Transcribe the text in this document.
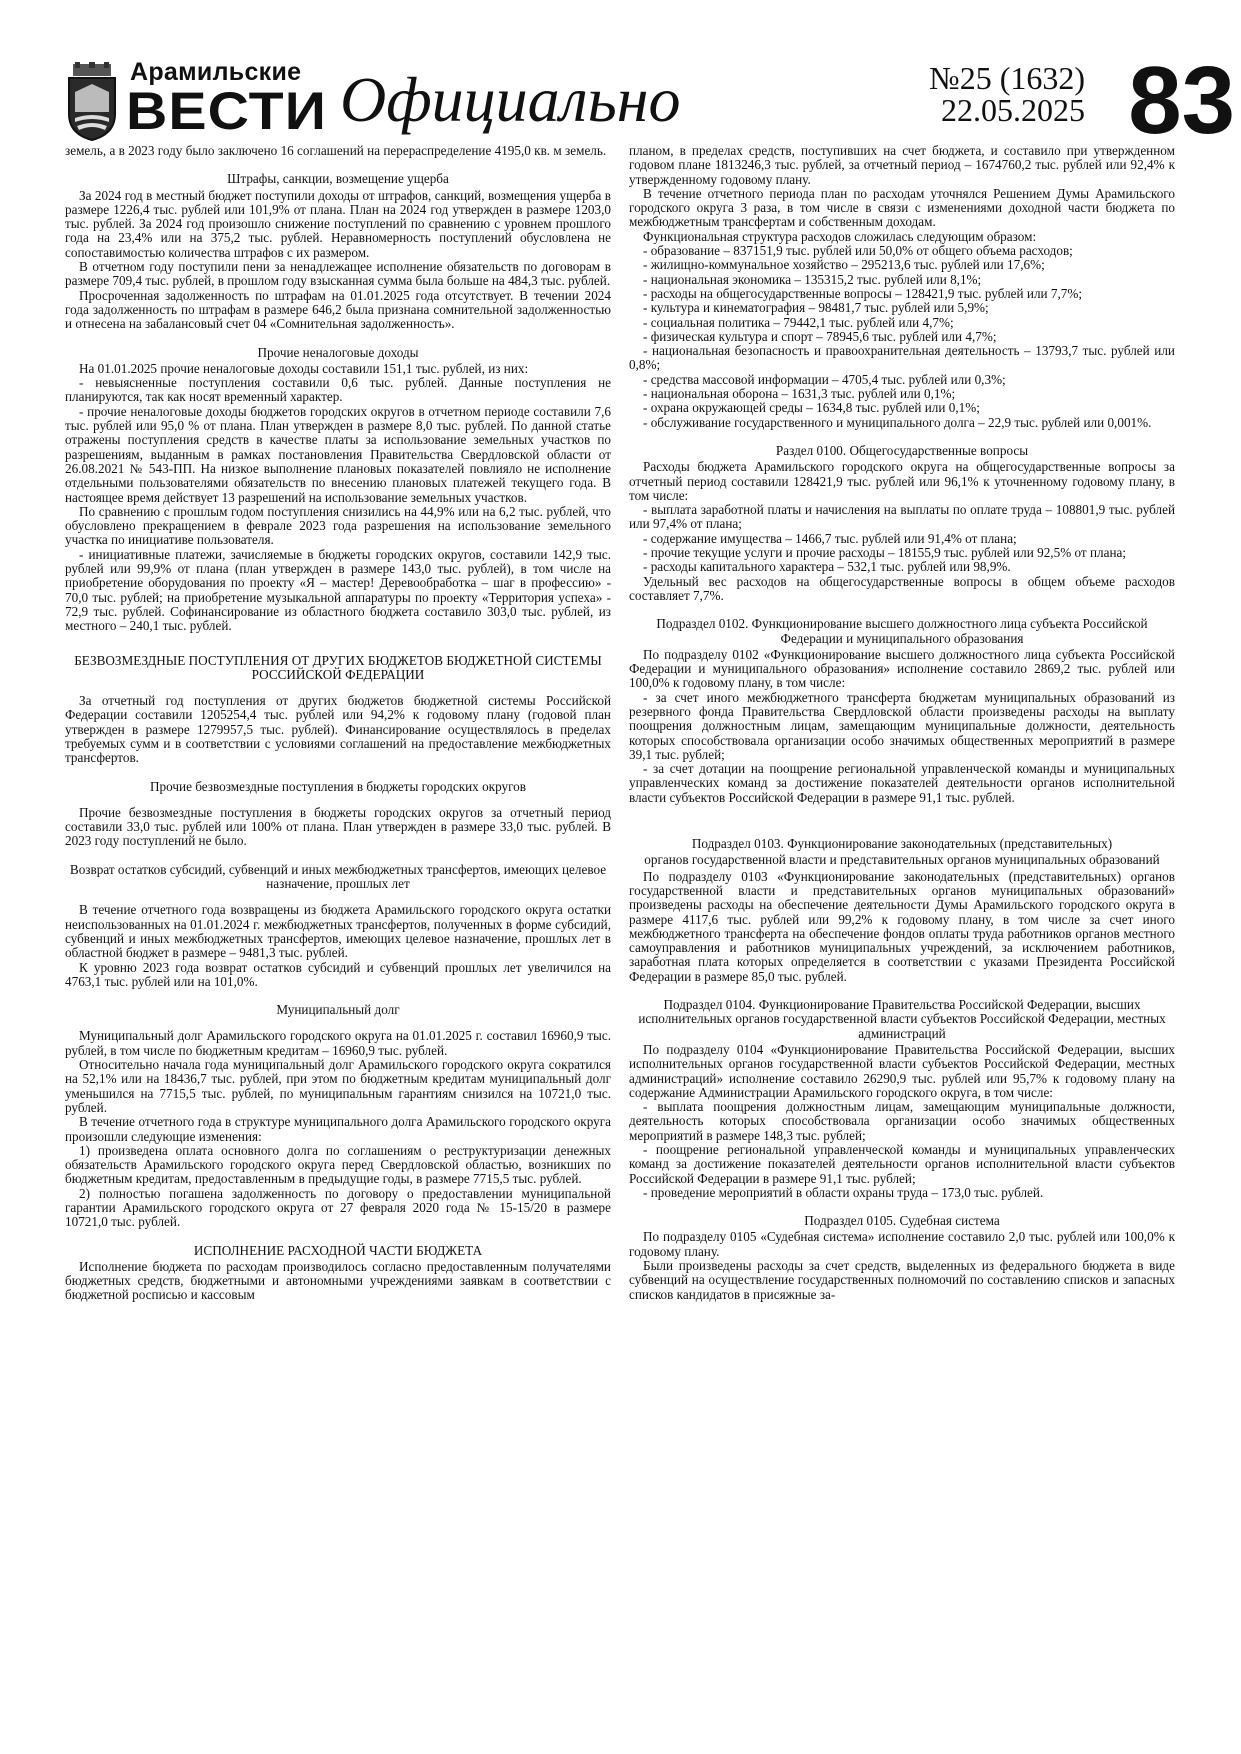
Арамильские
ВЕСТИ Официально	№25 (1632)
22.05.2025 83

земель, а в 2023 году было заключено 16 соглашений на перераспределение 4195,0 кв. м земель.

Штрафы, санкции, возмещение ущерба

За 2024 год в местный бюджет поступили доходы от штрафов, санкций, возмещения ущерба в размере 1226,4 тыс. рублей или 101,9% от плана. План на 2024 год утвержден в размере 1203,0 тыс. рублей. За 2024 год произошло снижение поступлений по сравнению с уровнем прошлого года на 23,4% или на 375,2 тыс. рублей. Неравномерность поступлений обусловлена не сопоставимостью количества штрафов с их размером.

В отчетном году поступили пени за ненадлежащее исполнение обязательств по договорам в размере 709,4 тыс. рублей, в прошлом году взысканная сумма была больше на 484,3 тыс. рублей.

Просроченная задолженность по штрафам на 01.01.2025 года отсутствует. В течении 2024 года задолженность по штрафам в размере 646,2 была признана сомнительной задолженностью и отнесена на забалансовый счет 04 «Сомнительная задолженность».

Прочие неналоговые доходы

На 01.01.2025 прочие неналоговые доходы составили 151,1 тыс. рублей, из них:

- невыясненные поступления составили 0,6 тыс. рублей. Данные поступления не планируются, так как носят временный характер.

- прочие неналоговые доходы бюджетов городских округов в отчетном периоде составили 7,6 тыс. рублей или 95,0 % от плана. План утвержден в размере 8,0 тыс. рублей. По данной статье отражены поступления средств в качестве платы за использование земельных участков по разрешениям, выданным в рамках постановления Правительства Свердловской области от 26.08.2021 № 543-ПП. На низкое выполнение плановых показателей повлияло не исполнение отдельными пользователями обязательств по внесению плановых платежей текущего года. В настоящее время действует 13 разрешений на использование земельных участков.

По сравнению с прошлым годом поступления снизились на 44,9% или на 6,2 тыс. рублей, что обусловлено прекращением в феврале 2023 года разрешения на использование земельного участка по инициативе пользователя.

- инициативные платежи, зачисляемые в бюджеты городских округов, составили 142,9 тыс. рублей или 99,9% от плана (план утвержден в размере 143,0 тыс. рублей), в том числе на приобретение оборудования по проекту «Я – мастер! Деревообработка – шаг в профессию» - 70,0 тыс. рублей; на приобретение музыкальной аппаратуры по проекту «Территория успеха» - 72,9 тыс. рублей. Софинансирование из областного бюджета составило 303,0 тыс. рублей, из местного – 240,1 тыс. рублей.

БЕЗВОЗМЕЗДНЫЕ ПОСТУПЛЕНИЯ ОТ ДРУГИХ БЮДЖЕТОВ БЮДЖЕТНОЙ СИСТЕМЫ РОССИЙСКОЙ ФЕДЕРАЦИИ

За отчетный год поступления от других бюджетов бюджетной системы Российской Федерации составили 1205254,4 тыс. рублей или 94,2% к годовому плану (годовой план утвержден в размере 1279957,5 тыс. рублей). Финансирование осуществлялось в пределах требуемых сумм и в соответствии с условиями соглашений на предоставление межбюджетных трансфертов.

Прочие безвозмездные поступления в бюджеты городских округов

Прочие безвозмездные поступления в бюджеты городских округов за отчетный период составили 33,0 тыс. рублей или 100% от плана. План утвержден в размере 33,0 тыс. рублей. В 2023 году поступлений не было.

Возврат остатков субсидий, субвенций и иных межбюджетных трансфертов, имеющих целевое назначение, прошлых лет

В течение отчетного года возвращены из бюджета Арамильского городского округа остатки неиспользованных на 01.01.2024 г. межбюджетных трансфертов, полученных в форме субсидий, субвенций и иных межбюджетных трансфертов, имеющих целевое назначение, прошлых лет в областной бюджет в размере – 9481,3 тыс. рублей.

К уровню 2023 года возврат остатков субсидий и субвенций прошлых лет увеличился на 4763,1 тыс. рублей или на 101,0%.

Муниципальный долг

Муниципальный долг Арамильского городского округа на 01.01.2025 г. составил 16960,9 тыс. рублей, в том числе по бюджетным кредитам – 16960,9 тыс. рублей.

Относительно начала года муниципальный долг Арамильского городского округа сократился на 52,1% или на 18436,7 тыс. рублей, при этом по бюджетным кредитам муниципальный долг уменьшился на 7715,5 тыс. рублей, по муниципальным гарантиям снизился на 10721,0 тыс. рублей.

В течение отчетного года в структуре муниципального долга Арамильского городского округа произошли следующие изменения:

1) произведена оплата основного долга по соглашениям о реструктуризации денежных обязательств Арамильского городского округа перед Свердловской областью, возникших по бюджетным кредитам, предоставленным в предыдущие годы, в размере 7715,5 тыс. рублей.

2) полностью погашена задолженность по договору о предоставлении муниципальной гарантии Арамильского городского округа от 27 февраля 2020 года № 15-15/20 в размере 10721,0 тыс. рублей.

ИСПОЛНЕНИЕ РАСХОДНОЙ ЧАСТИ БЮДЖЕТА

Исполнение бюджета по расходам производилось согласно предоставленным получателями бюджетных средств, бюджетными и автономными учреждениями заявкам в соответствии с бюджетной росписью и кассовым

планом, в пределах средств, поступивших на счет бюджета, и составило при утвержденном годовом плане 1813246,3 тыс. рублей, за отчетный период – 1674760,2 тыс. рублей или 92,4% к утвержденному годовому плану.

В течение отчетного периода план по расходам уточнялся Решением Думы Арамильского городского округа 3 раза, в том числе в связи с изменениями доходной части бюджета по межбюджетным трансфертам и собственным доходам.

Функциональная структура расходов сложилась следующим образом:

- образование – 837151,9 тыс. рублей или 50,0% от общего объема расходов;

- жилищно-коммунальное хозяйство – 295213,6 тыс. рублей или 17,6%;

- национальная экономика – 135315,2 тыс. рублей или 8,1%;

- расходы на общегосударственные вопросы – 128421,9 тыс. рублей или 7,7%;

- культура и кинематография – 98481,7 тыс. рублей или 5,9%;

- социальная политика – 79442,1 тыс. рублей или 4,7%;

- физическая культура и спорт – 78945,6 тыс. рублей или 4,7%;

- национальная безопасность и правоохранительная деятельность – 13793,7 тыс. рублей или 0,8%;

- средства массовой информации – 4705,4 тыс. рублей или 0,3%;

- национальная оборона – 1631,3 тыс. рублей или 0,1%;

- охрана окружающей среды – 1634,8 тыс. рублей или 0,1%;

- обслуживание государственного и муниципального долга – 22,9 тыс. рублей или 0,001%.

Раздел 0100. Общегосударственные вопросы

Расходы бюджета Арамильского городского округа на общегосударственные вопросы за отчетный период составили 128421,9 тыс. рублей или 96,1% к уточненному годовому плану, в том числе:

- выплата заработной платы и начисления на выплаты по оплате труда – 108801,9 тыс. рублей или 97,4% от плана;

- содержание имущества – 1466,7 тыс. рублей или 91,4% от плана;

- прочие текущие услуги и прочие расходы – 18155,9 тыс. рублей или 92,5% от плана;

- расходы капитального характера – 532,1 тыс. рублей или 98,9%.

Удельный вес расходов на общегосударственные вопросы в общем объеме расходов составляет 7,7%.

Подраздел 0102. Функционирование высшего должностного лица субъекта Российской Федерации и муниципального образования

По подразделу 0102 «Функционирование высшего должностного лица субъекта Российской Федерации и муниципального образования» исполнение составило 2869,2 тыс. рублей или 100,0% к годовому плану, в том числе:

- за счет иного межбюджетного трансферта бюджетам муниципальных образований из резервного фонда Правительства Свердловской области произведены расходы на выплату поощрения должностным лицам, замещающим муниципальные должности, деятельность которых способствовала организации особо значимых общественных мероприятий в размере 39,1 тыс. рублей;

- за счет дотации на поощрение региональной управленческой команды и муниципальных управленческих команд за достижение показателей деятельности органов исполнительной власти субъектов Российской Федерации в размере 91,1 тыс. рублей.

Подраздел 0103. Функционирование законодательных (представительных)

органов государственной власти и представительных органов муниципальных образований

По подразделу 0103 «Функционирование законодательных (представительных) органов государственной власти и представительных органов муниципальных образований» произведены расходы на обеспечение деятельности Думы Арамильского городского округа в размере 4117,6 тыс. рублей или 99,2% к годовому плану, в том числе за счет иного межбюджетного трансферта на обеспечение фондов оплаты труда работников органов местного самоуправления и работников муниципальных учреждений, за исключением работников, заработная плата которых определяется в соответствии с указами Президента Российской Федерации в размере 85,0 тыс. рублей.

Подраздел 0104. Функционирование Правительства Российской Федерации, высших исполнительных органов государственной власти субъектов Российской Федерации, местных администраций

По подразделу 0104 «Функционирование Правительства Российской Федерации, высших исполнительных органов государственной власти субъектов Российской Федерации, местных администраций» исполнение составило 26290,9 тыс. рублей или 95,7% к годовому плану на содержание Администрации Арамильского городского округа, в том числе:

- выплата поощрения должностным лицам, замещающим муниципальные должности, деятельность которых способствовала организации особо значимых общественных мероприятий в размере 148,3 тыс. рублей;

- поощрение региональной управленческой команды и муниципальных управленческих команд за достижение показателей деятельности органов исполнительной власти субъектов Российской Федерации в размере 91,1 тыс. рублей;

- проведение мероприятий в области охраны труда – 173,0 тыс. рублей.

Подраздел 0105. Судебная система

По подразделу 0105 «Судебная система» исполнение составило 2,0 тыс. рублей или 100,0% к годовому плану.

Были произведены расходы за счет средств, выделенных из федерального бюджета в виде субвенций на осуществление государственных полномочий по составлению списков и запасных списков кандидатов в присяжные за-
